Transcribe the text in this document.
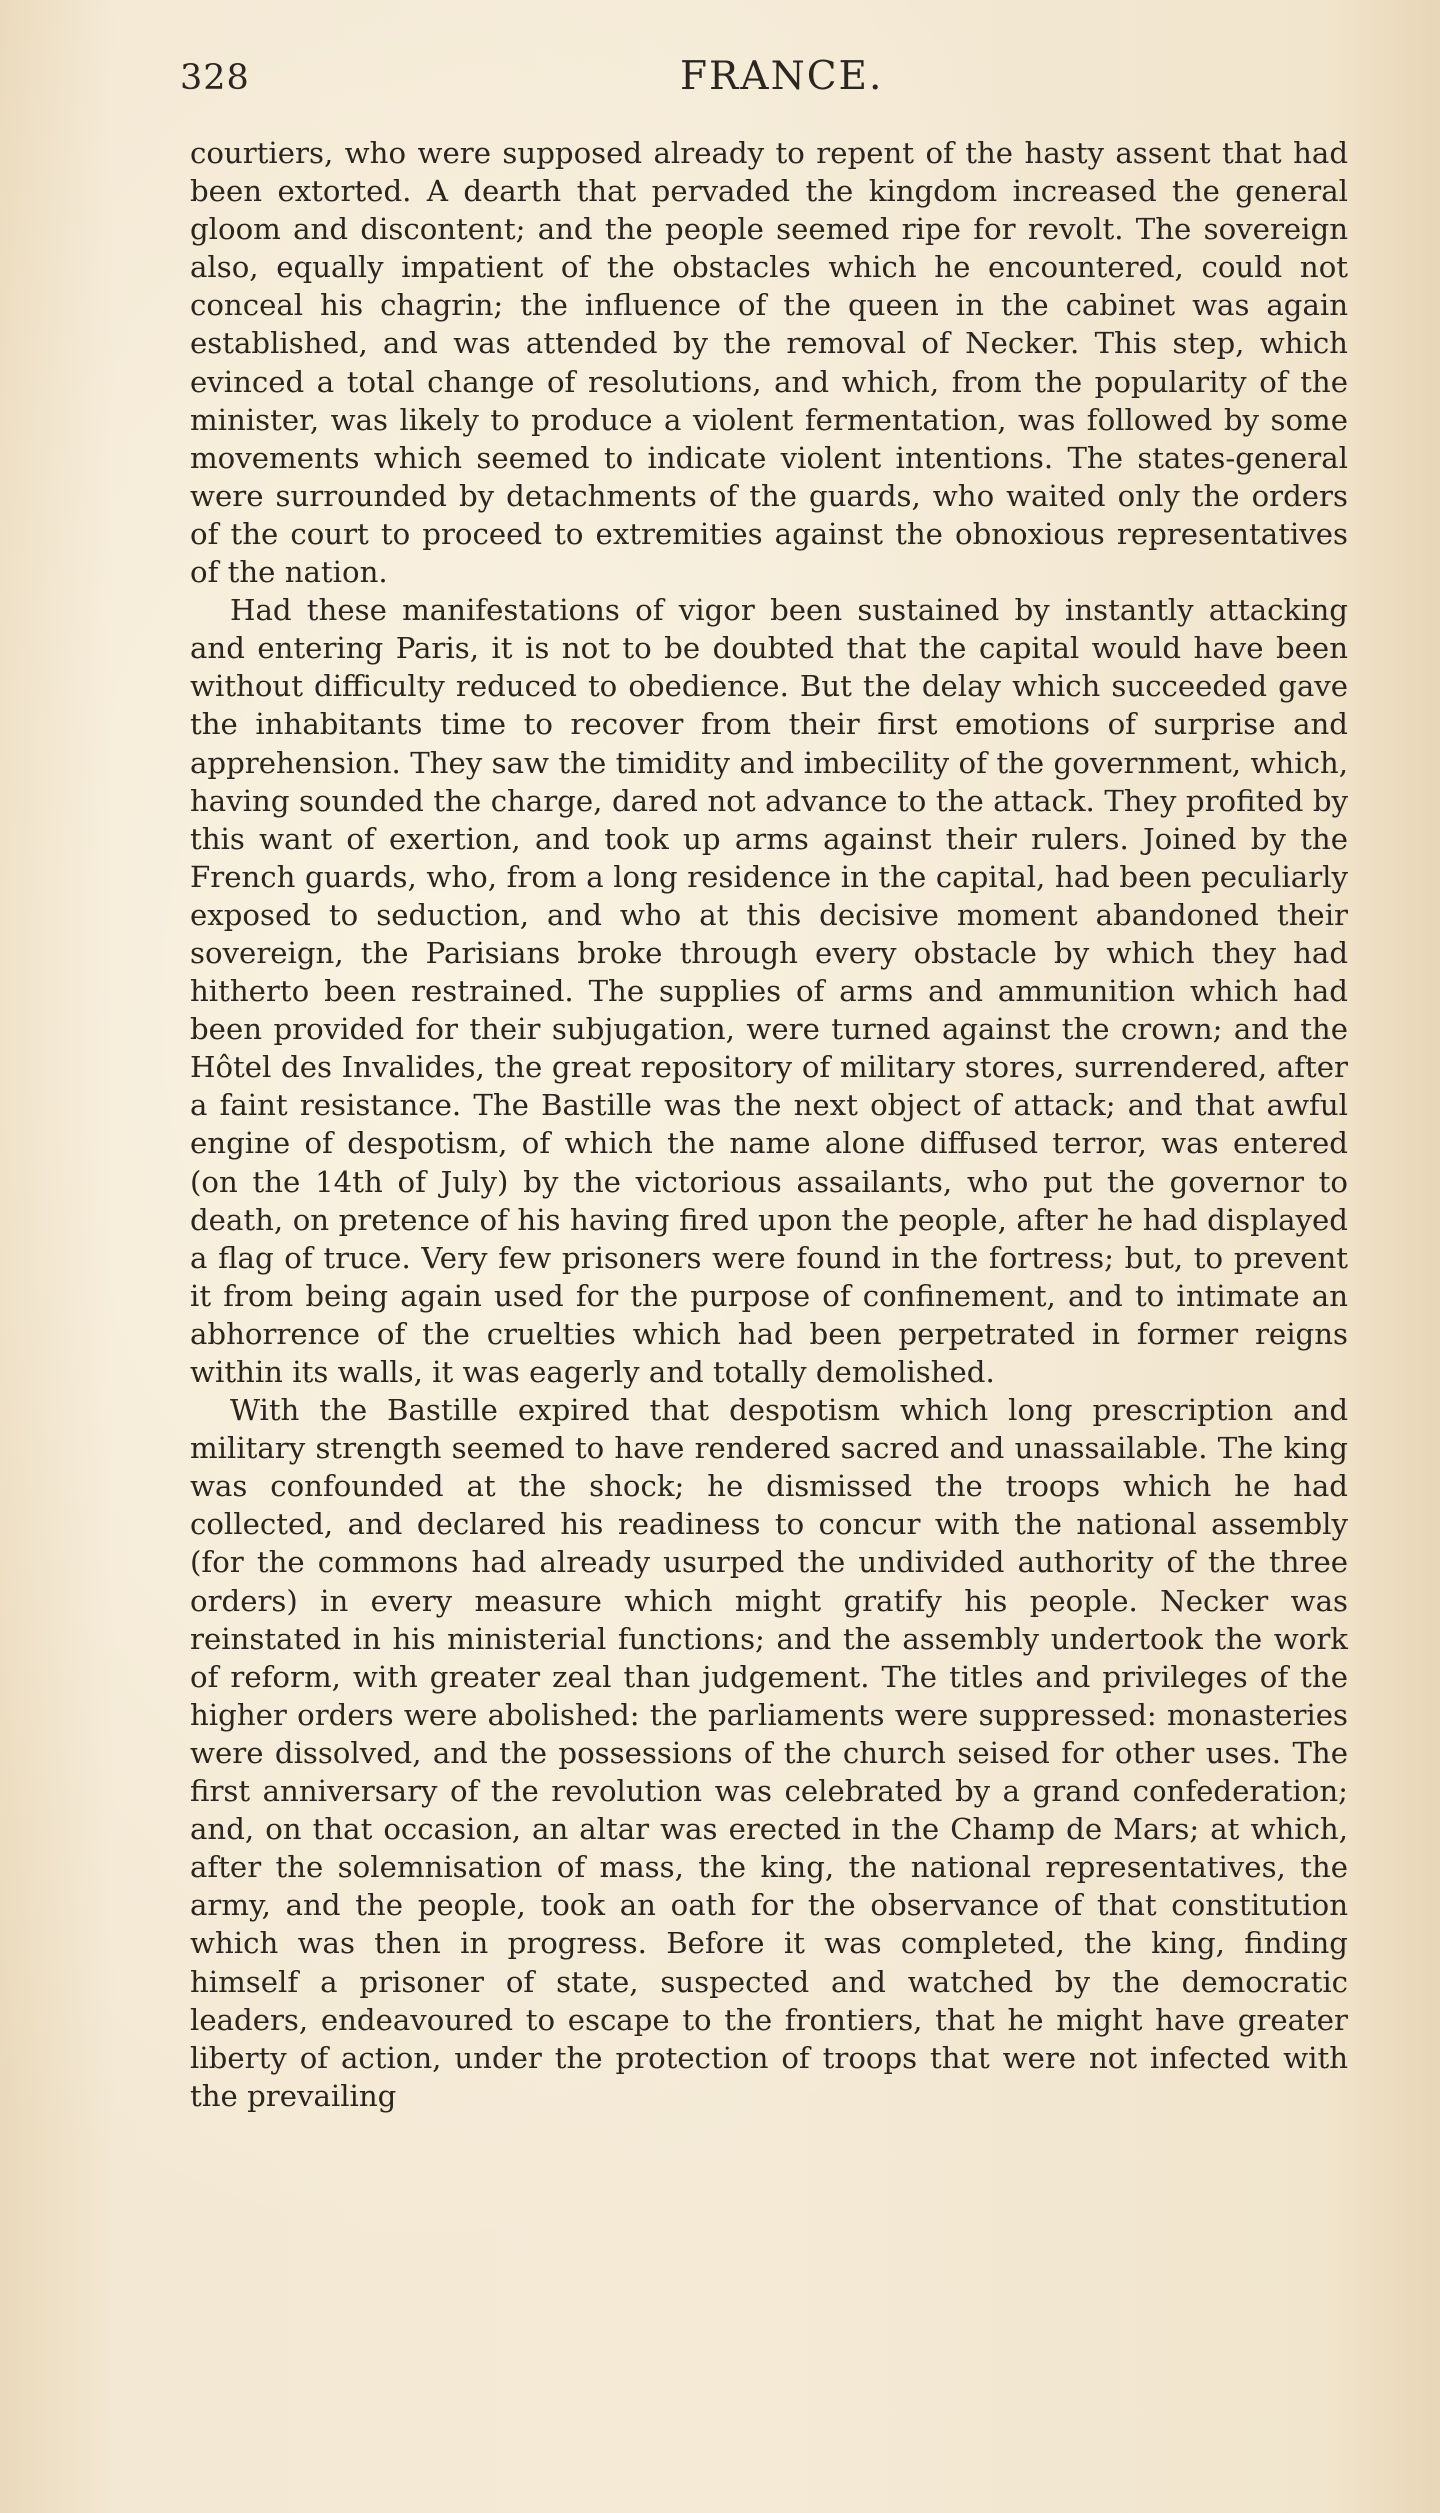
328	FRANCE.

courtiers, who were supposed already to repent of the hasty assent that had been extorted. A dearth that pervaded the kingdom increased the general gloom and discontent; and the people seemed ripe for revolt. The sovereign also, equally impatient of the obstacles which he encountered, could not conceal his chagrin; the influence of the queen in the cabinet was again established, and was attended by the removal of Necker. This step, which evinced a total change of resolutions, and which, from the popularity of the minister, was likely to produce a violent fermentation, was followed by some movements which seemed to indicate violent intentions. The states-general were surrounded by detachments of the guards, who waited only the orders of the court to proceed to extremities against the obnoxious representatives of the nation.

Had these manifestations of vigor been sustained by instantly attacking and entering Paris, it is not to be doubted that the capital would have been without difficulty reduced to obedience. But the delay which succeeded gave the inhabitants time to recover from their first emotions of surprise and apprehension. They saw the timidity and imbecility of the government, which, having sounded the charge, dared not advance to the attack. They profited by this want of exertion, and took up arms against their rulers. Joined by the French guards, who, from a long residence in the capital, had been peculiarly exposed to seduction, and who at this decisive moment abandoned their sovereign, the Parisians broke through every obstacle by which they had hitherto been restrained. The supplies of arms and ammunition which had been provided for their subjugation, were turned against the crown; and the Hôtel des Invalides, the great repository of military stores, surrendered, after a faint resistance. The Bastille was the next object of attack; and that awful engine of despotism, of which the name alone diffused terror, was entered (on the 14th of July) by the victorious assailants, who put the governor to death, on pretence of his having fired upon the people, after he had displayed a flag of truce. Very few prisoners were found in the fortress; but, to prevent it from being again used for the purpose of confinement, and to intimate an abhorrence of the cruelties which had been perpetrated in former reigns within its walls, it was eagerly and totally demolished.

With the Bastille expired that despotism which long prescription and military strength seemed to have rendered sacred and unassailable. The king was confounded at the shock; he dismissed the troops which he had collected, and declared his readiness to concur with the national assembly (for the commons had already usurped the undivided authority of the three orders) in every measure which might gratify his people. Necker was reinstated in his ministerial functions; and the assembly undertook the work of reform, with greater zeal than judgement. The titles and privileges of the higher orders were abolished: the parliaments were suppressed: monasteries were dissolved, and the possessions of the church seised for other uses. The first anniversary of the revolution was celebrated by a grand confederation; and, on that occasion, an altar was erected in the Champ de Mars; at which, after the solemnisation of mass, the king, the national representatives, the army, and the people, took an oath for the observance of that constitution which was then in progress. Before it was completed, the king, finding himself a prisoner of state, suspected and watched by the democratic leaders, endeavoured to escape to the frontiers, that he might have greater liberty of action, under the protection of troops that were not infected with the prevailing
